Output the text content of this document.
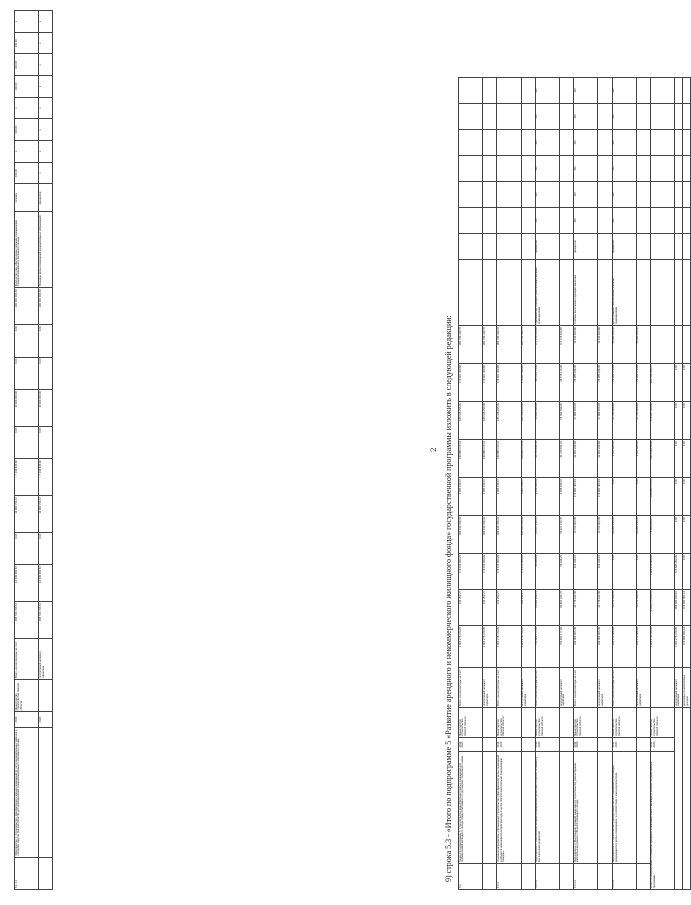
5.1.1.1	Мероприятие 1. Строительство, приобретение и аренда помещений (в части муниципальных районов и городских округов Омской области) для формирования специализированного жилищного фонда	2014	Министерство строительства Омской области	Всего, из них расходы за счет:	185 700 735,51	12 445 495,53	0,00	12 060 790,47	7 144 645,09	0,00	10 000 000,00	0,00	0,00	130 000 000,00	Количество лиц, обеспеченных жилыми помещениями специализированного жилищного фонда	человек	100,00	х	100,00	х	100,00	100,00	100,00	х
		2020		поступлений целевого характера	185 700 735,51	12 445 495,53	0,00	12 060 790,47	7 144 645,09	0,00	10 000 000,00	0,00	0,00	130 000 000,00	Площадь жилых помещений муниципальных образований	процентов	х	х	х	х	х	х	х	х
2 9) строка 5.3 - «Итого по подпрограмме 5 «Развитие арендного и некоммерческого жилищного фонда» государственной программы изложить в следующей редакции:
5.3	Задача 3 подпрограммы 5. Строительство (приобретение) жилых помещений для формирования жилищного фонда, предоставляемого по договорам социального найма	2014 2020	Министерство строительства Омской области	Всего, из них расходы за счет:	1 405 276 723,05	104 202,27	178 473 060,23	184 615 789,41	0 465 016,07	183 889 175,11	185 118 235,00	178 307 423,80	281 783 419,76								
				поступлений целевого характера	1 405 276 723,05	104 202,27	178 473 060,23	184 615 789,41	0 465 016,07	183 889 175,11	185 118 235,00	178 307 423,80	281 783 419,76								
5.3.1	Основное мероприятие «Организация строительства (приобретения) жилых помещений и объектов инженерной инфраструктуры в целях обеспечения жилыми помещениями граждан»	2014 2020	Министерство строительства Омской области	Всего, из них расходы за счет:	1 405 276 723,05	104 202,27	178 473 060,23	184 615 789,41	0 465 016,07	183 889 175,11	185 118 235,00	178 307 423,80	281 783 419,76								
				поступлений целевого характера	1 405 276 723,05	104 202,27	178 473 060,23	184 615 789,41	0 465 016,07	183 889 175,11	185 118 235,00	178 307 423,80	281 783 419,76								
5.3.1.1	Мероприятие 1. Обеспечение жилыми помещениями детей-сирот и детей, оставшихся без попечения родителей	2014 2020	Министерство строительства Омской области	Всего, из них расходы за счет:	751 601 177,93	80 601 244,79	99 326,23	95 107 213,76	3 958 926,31	41 705 611,31	55 499 596,00	36 578 175,39	371 476 613,65	Удельный вес граждан, обеспеченных жилыми помещениями	процентов	100	100	100	100	100	100
				поступлений целевого характера	751 601 177,93	80 601 244,79	99 326,23	95 107 213,76	3 958 926,31	41 705 611,31	55 499 596,00	36 578 175,39	371 476 613,65								
5.3.1.2	Мероприятие 2. Выполнение функций заказчика по строительству, реконструкции, капитальному ремонту объектов жилищного фонда	2014 2020	Министерство строительства Омской области	Всего, из них расходы за счет:	234 360 905,49	40 778 422,58	103 226,19	15 703 303,39	176 891 460,19	41 601 226,69	27 880 509,09	26 385 346,06	12 913 403,80	Степень выполнения функций заказчика	процентов	100	100	100	100	100	100
				поступлений целевого характера	234 360 905,49	40 778 422,58	103 226,19	15 703 303,39	176 891 460,19	41 601 226,69	27 880 509,09	26 385 346,06	12 913 403,80								
5.3.1.3	Мероприятие 3. Строительство (приобретение) жилых помещений для граждан, нуждающихся в жилых помещениях, в соответствии с законодательством	2014 2020	Министерство строительства Омской области	Всего, из них расходы за счет:	419 979 669,66	53 174 393,53	0,00	68 960 244,55	0,00	2 657 609,00	51 760 666,00	21 262 979,82	56 993 006,00	Доля граждан, обеспеченных жилыми помещениями	процентов	100	100	100	100	100	100
				поступлений целевого характера	419 979 669,66	53 174 393,53	0,00	68 960 244,55	0,00	2 657 609,00	51 760 666,00	21 262 979,82	56 993 006,00								
Итого по подпрограмме 5 «Развитие арендного и некоммерческого жилищного фонда» государственной программы		2014 2020	Министерство строительства Омской области		1 495 276 723,05	1 433 075 652,61	1 384 215 864,16	8 463 016,07	183 889 175,11	185 118 235,00	178 307 423,80	281 783 419,76									
				поступлений целевого характера	1 495 276 723,05	496 489 023,19	575 645 062,25	0,00	0,00	0,00	0,00	0,00									
				налоговых и неналоговых доходов	379 361 561,14	379 361 561,14	0,00	0,00	0,00	0,00	0,00	0,00									
